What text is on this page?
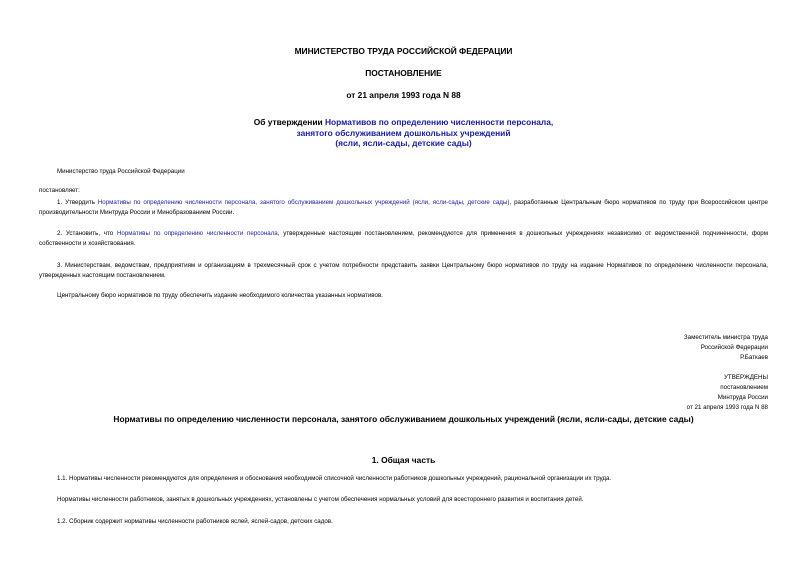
МИНИСТЕРСТВО ТРУДА РОССИЙСКОЙ ФЕДЕРАЦИИ
ПОСТАНОВЛЕНИЕ
от 21 апреля 1993 года N 88
Об утверждении Нормативов по определению численности персонала,
занятого обслуживанием дошкольных учреждений
(ясли, ясли-сады, детские сады)
Министерство труда Российской Федерации
постановляет:
1. Утвердить Нормативы по определению численности персонала, занятого обслуживанием дошкольных учреждений (ясли, ясли-сады, детские сады), разработанные Центральным бюро нормативов по труду при Всероссийском центре производительности Минтруда России и Минобразованием России.
2. Установить, что Нормативы по определению численности персонала, утвержденные настоящим постановлением, рекомендуются для применения в дошкольных учреждениях независимо от ведомственной подчиненности, форм собственности и хозяйствования.
3. Министерствам, ведомствам, предприятиям и организациям в трехмесячный срок с учетом потребности представить заявки Центральному бюро нормативов по труду на издание Нормативов по определению численности персонала, утвержденных настоящим постановлением.
Центральному бюро нормативов по труду обеспечить издание необходимого количества указанных нормативов.
Заместитель министра труда
Российской Федерации
Р.Баткаев
УТВЕРЖДЕНЫ
постановлением
Минтруда России
от 21 апреля 1993 года N 88
Нормативы по определению численности персонала, занятого обслуживанием дошкольных учреждений (ясли, ясли-сады, детские сады)
1. Общая часть
1.1. Нормативы численности рекомендуются для определения и обоснования необходимой списочной численности работников дошкольных учреждений, рациональной организации их труда.
Нормативы численности работников, занятых в дошкольных учреждениях, установлены с учетом обеспечения нормальных условий для всестороннего развития и воспитания детей.
1.2. Сборник содержит нормативы численности работников яслей, яслей-садов, детских садов.
